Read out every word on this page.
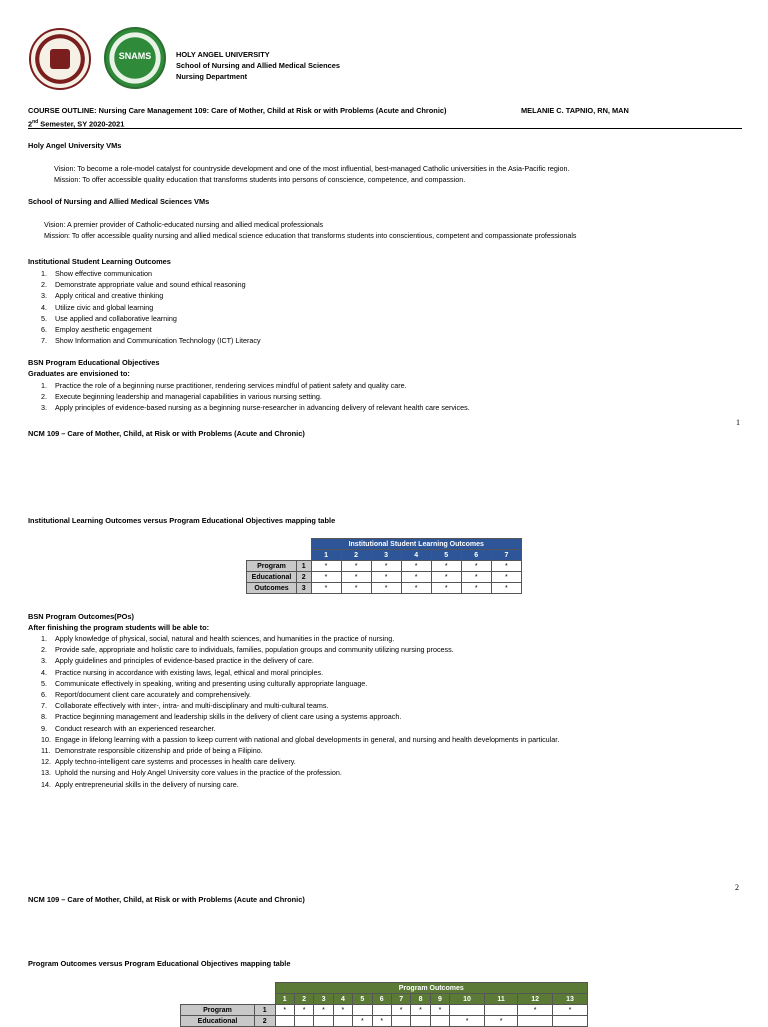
SNAMS	HOLY ANGEL UNIVERSITY
School of Nursing and Allied Medical Sciences
Nursing Department
COURSE OUTLINE: Nursing Care Management 109: Care of Mother, Child at Risk or with Problems (Acute and Chronic)	MELANIE C. TAPNIO, RN, MAN
2nd Semester, SY 2020-2021
Holy Angel University VMs
Vision: To become a role-model catalyst for countryside development and one of the most influential, best-managed Catholic universities in the Asia-Pacific region.
Mission: To offer accessible quality education that transforms students into persons of conscience, competence, and compassion.
School of Nursing and Allied Medical Sciences VMs
Vision: A premier provider of Catholic-educated nursing and allied medical professionals
Mission: To offer accessible quality nursing and allied medical science education that transforms students into conscientious, competent and compassionate professionals
Institutional Student Learning Outcomes
1. Show effective communication
2. Demonstrate appropriate value and sound ethical reasoning
3. Apply critical and creative thinking
4. Utilize civic and global learning
5. Use applied and collaborative learning
6. Employ aesthetic engagement
7. Show Information and Communication Technology (ICT) Literacy
BSN Program Educational Objectives
Graduates are envisioned to:
1. Practice the role of a beginning nurse practitioner, rendering services mindful of patient safety and quality care.
2. Execute beginning leadership and managerial capabilities in various nursing setting.
3. Apply principles of evidence-based nursing as a beginning nurse-researcher in advancing delivery of relevant health care services.
1
NCM 109 – Care of Mother, Child, at Risk or with Problems (Acute and Chronic)
Institutional Learning Outcomes versus Program Educational Objectives mapping table
		Institutional Student Learning Outcomes						
		1	2	3	4	5	6	7
Program	1	*	*	*	*	*	*	*
Educational	2	*	*	*	*	*	*	*
Outcomes	3	*	*	*	*	*	*	*
BSN Program Outcomes(POs)
After finishing the program students will be able to:
1. Apply knowledge of physical, social, natural and health sciences, and humanities in the practice of nursing.
2. Provide safe, appropriate and holistic care to individuals, families, population groups and community utilizing nursing process.
3. Apply guidelines and principles of evidence-based practice in the delivery of care.
4. Practice nursing in accordance with existing laws, legal, ethical and moral principles.
5. Communicate effectively in speaking, writing and presenting using culturally appropriate language.
6. Report/document client care accurately and comprehensively.
7. Collaborate effectively with inter-, intra- and multi-disciplinary and multi-cultural teams.
8. Practice beginning management and leadership skills in the delivery of client care using a systems approach.
9. Conduct research with an experienced researcher.
10. Engage in lifelong learning with a passion to keep current with national and global developments in general, and nursing and health developments in particular.
11. Demonstrate responsible citizenship and pride of being a Filipino.
12. Apply techno-intelligent care systems and processes in health care delivery.
13. Uphold the nursing and Holy Angel University core values in the practice of the profession.
14. Apply entrepreneurial skills in the delivery of nursing care.
2
NCM 109 – Care of Mother, Child, at Risk or with Problems (Acute and Chronic)
Program Outcomes versus Program Educational Objectives mapping table
		Program Outcomes												
		1	2	3	4	5	6	7	8	9	10	11	12	13
Program	1	*	*	*	*			*	*	*			*	*
Educational	2					*	*				*	*		
